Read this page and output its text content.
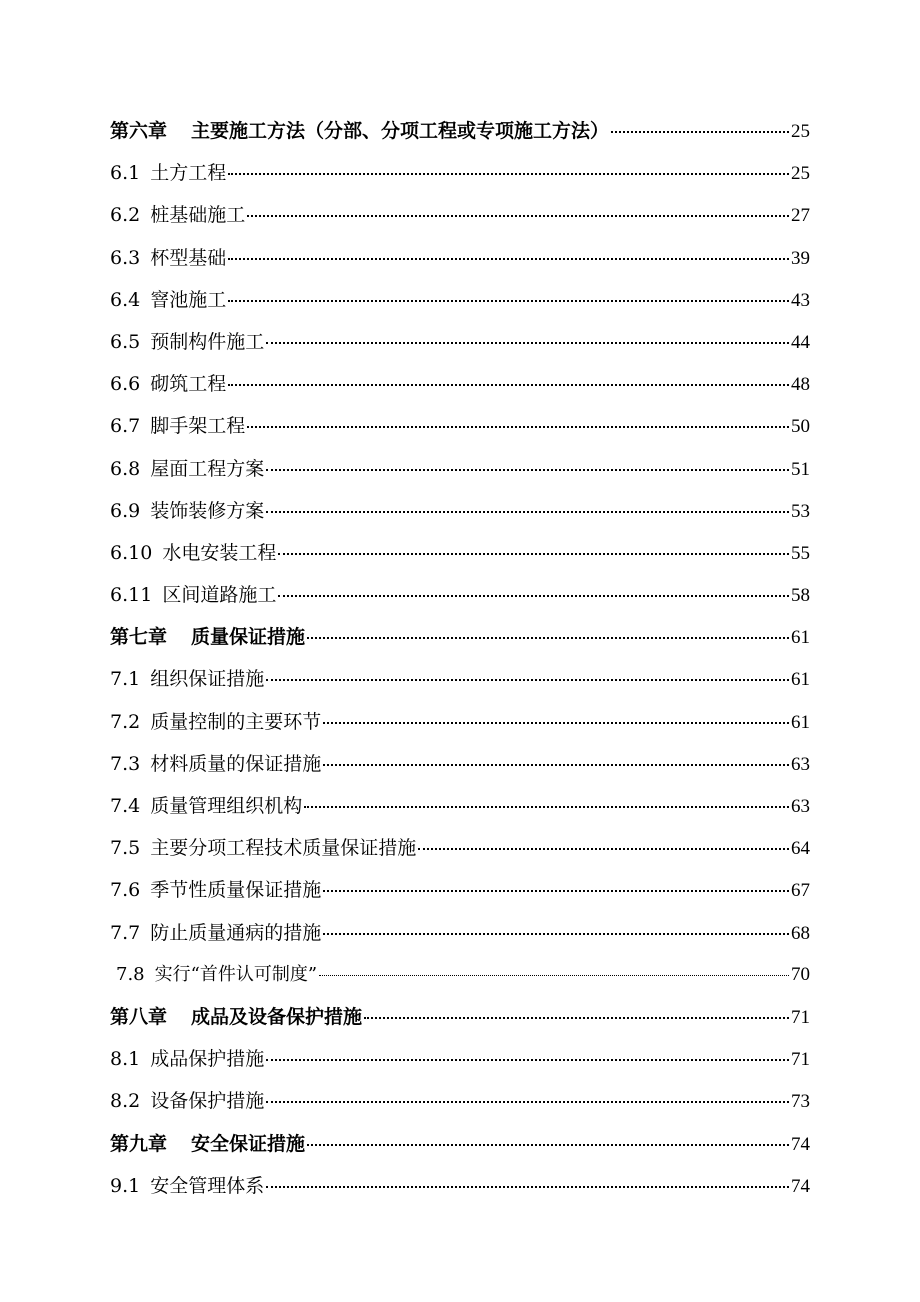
第六章 主要施工方法（分部、分项工程或专项施工方法）	25
6.1 土方工程	25
6.2 桩基础施工	27
6.3 杯型基础	39
6.4 窨池施工	43
6.5 预制构件施工	44
6.6 砌筑工程	48
6.7 脚手架工程	50
6.8 屋面工程方案	51
6.9 装饰装修方案	53
6.10 水电安装工程	55
6.11 区间道路施工	58
第七章 质量保证措施	61
7.1 组织保证措施	61
7.2 质量控制的主要环节	61
7.3 材料质量的保证措施	63
7.4 质量管理组织机构	63
7.5 主要分项工程技术质量保证措施	64
7.6 季节性质量保证措施	67
7.7 防止质量通病的措施	68
7.8 实行“首件认可制度”	70
第八章 成品及设备保护措施	71
8.1 成品保护措施	71
8.2 设备保护措施	73
第九章 安全保证措施	74
9.1 安全管理体系	74
